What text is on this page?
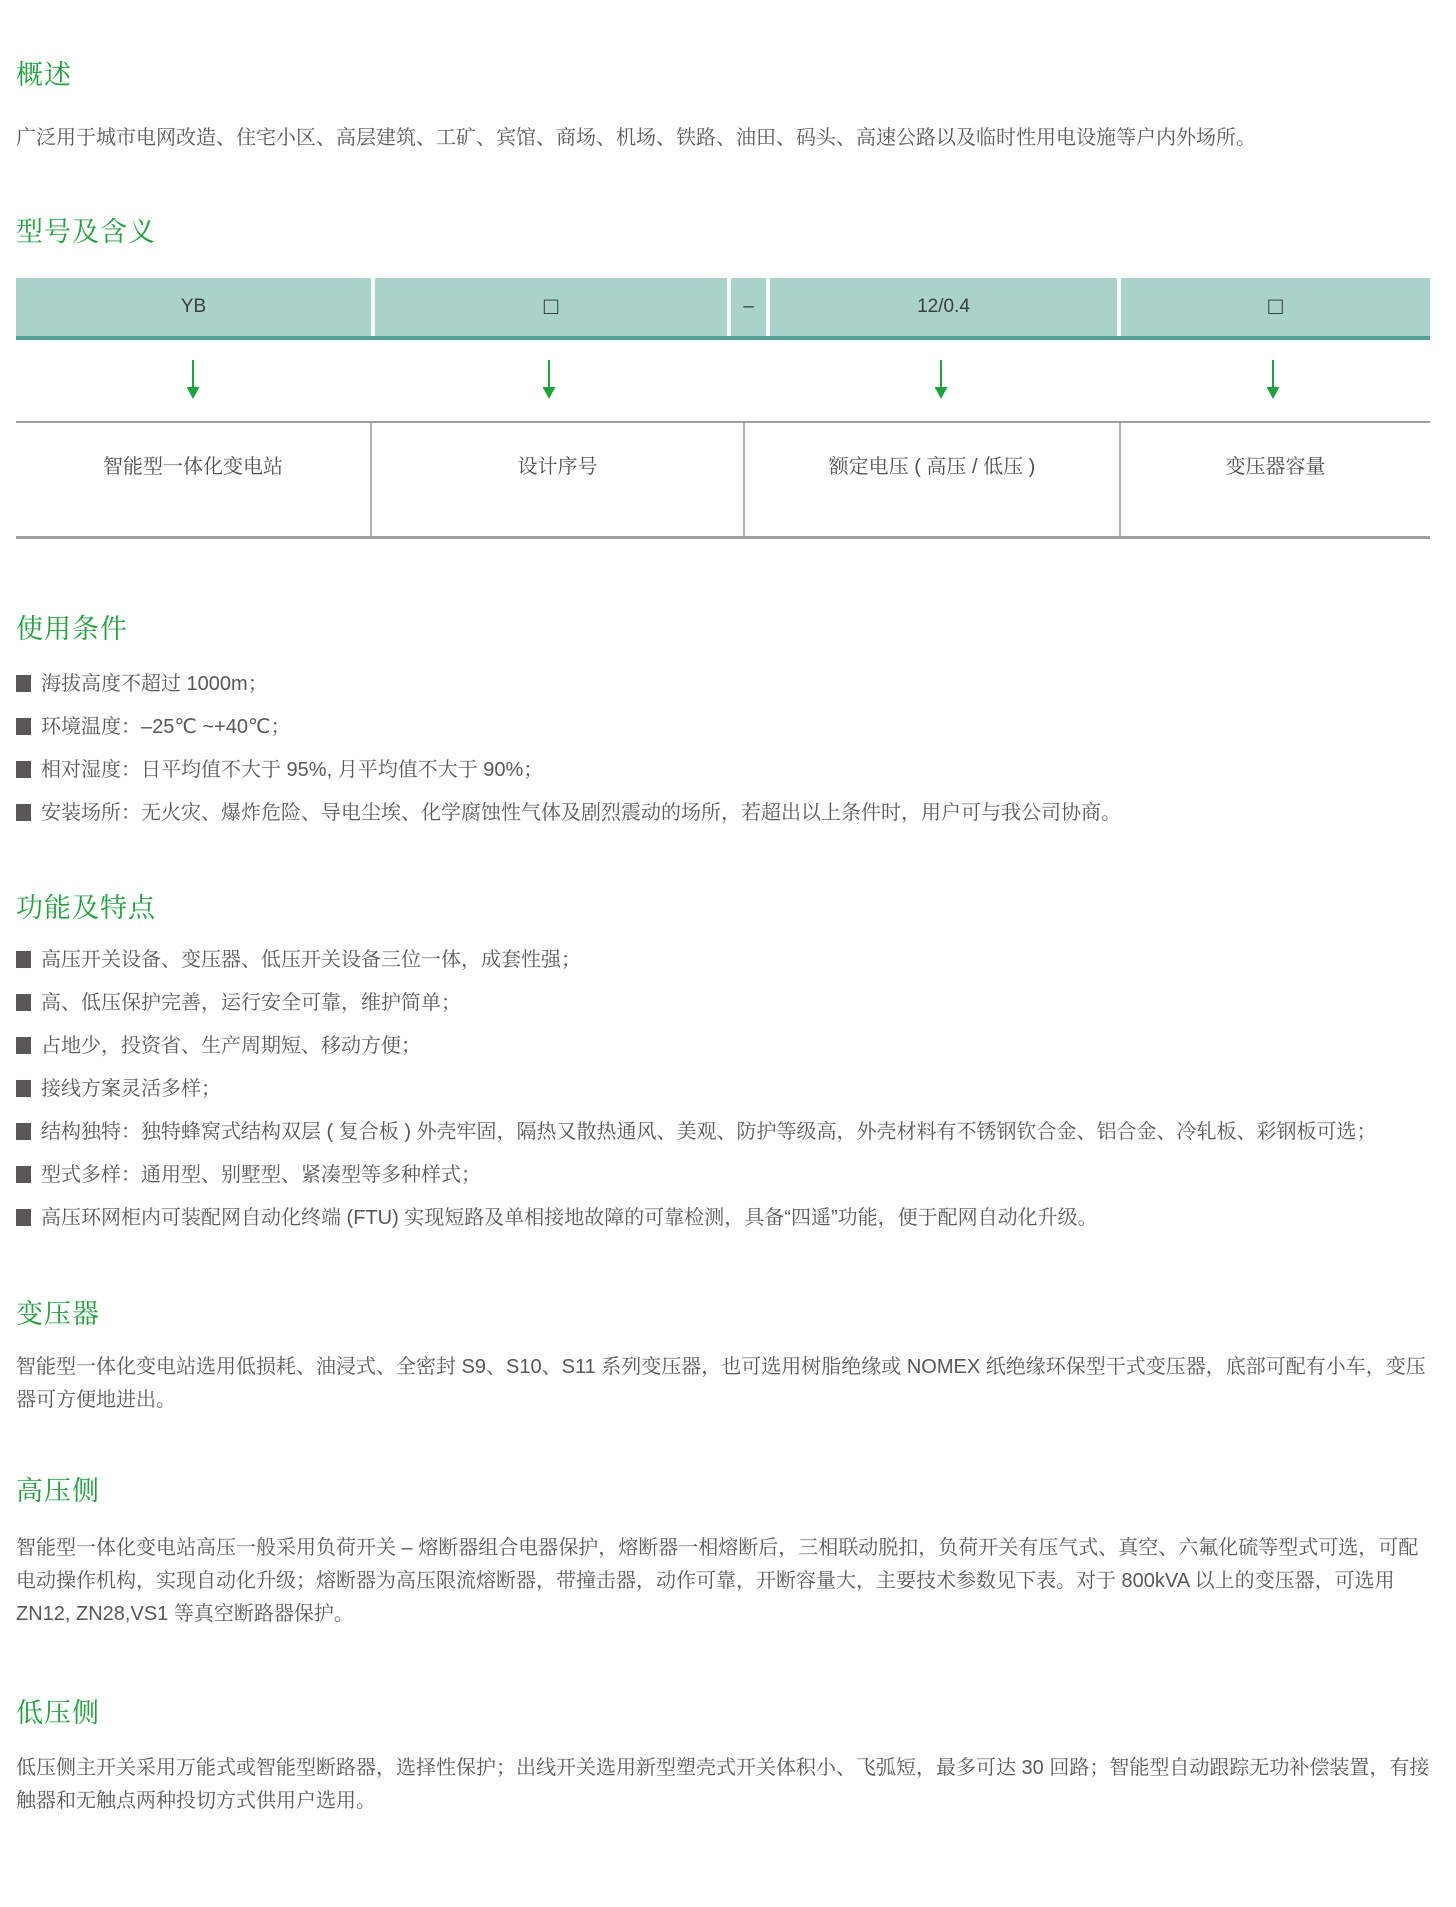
概述

广泛用于城市电网改造、住宅小区、高层建筑、工矿、宾馆、商场、机场、铁路、油田、码头、高速公路以及临时性用电设施等户内外场所。

型号及含义
YB	□	–	12/0.4	□
智能型一体化变电站	设计序号	额定电压 ( 高压 / 低压 )	变压器容量
使用条件
海拔高度不超过 1000m；
环境温度：–25℃ ~+40℃；
相对湿度：日平均值不大于 95%, 月平均值不大于 90%；
安装场所：无火灾、爆炸危险、导电尘埃、化学腐蚀性气体及剧烈震动的场所，若超出以上条件时，用户可与我公司协商。
功能及特点
高压开关设备、变压器、低压开关设备三位一体，成套性强；
高、低压保护完善，运行安全可靠，维护简单；
占地少，投资省、生产周期短、移动方便；
接线方案灵活多样；
结构独特：独特蜂窝式结构双层 ( 复合板 ) 外壳牢固，隔热又散热通风、美观、防护等级高，外壳材料有不锈钢钦合金、铝合金、冷轧板、彩钢板可选；
型式多样：通用型、别墅型、紧凑型等多种样式；
高压环网柜内可装配网自动化终端 (FTU) 实现短路及单相接地故障的可靠检测，具备“四遥”功能，便于配网自动化升级。
变压器

智能型一体化变电站选用低损耗、油浸式、全密封 S9、S10、S11 系列变压器，也可选用树脂绝缘或 NOMEX 纸绝缘环保型干式变压器，底部可配有小车，变压器可方便地进出。

高压侧

智能型一体化变电站高压一般采用负荷开关 – 熔断器组合电器保护，熔断器一相熔断后，三相联动脱扣，负荷开关有压气式、真空、六氟化硫等型式可选，可配电动操作机构，实现自动化升级；熔断器为高压限流熔断器，带撞击器，动作可靠，开断容量大，主要技术参数见下表。对于 800kVA 以上的变压器，可选用 ZN12, ZN28,VS1 等真空断路器保护。

低压侧

低压侧主开关采用万能式或智能型断路器，选择性保护；出线开关选用新型塑壳式开关体积小、飞弧短，最多可达 30 回路；智能型自动跟踪无功补偿装置，有接触器和无触点两种投切方式供用户选用。
